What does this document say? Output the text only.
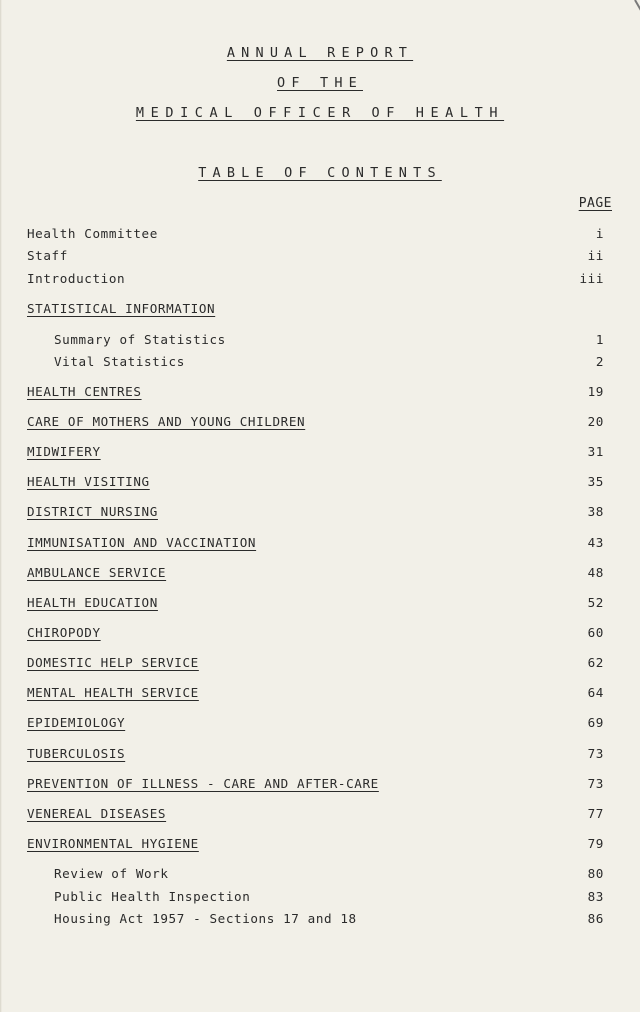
ANNUAL REPORT
OF THE
MEDICAL OFFICER OF HEALTH
TABLE OF CONTENTS
PAGE
Health Committee	i
Staff	ii
Introduction	iii
STATISTICAL INFORMATION
Summary of Statistics	1
Vital Statistics	2
HEALTH CENTRES	19
CARE OF MOTHERS AND YOUNG CHILDREN	20
MIDWIFERY	31
HEALTH VISITING	35
DISTRICT NURSING	38
IMMUNISATION AND VACCINATION	43
AMBULANCE SERVICE	48
HEALTH EDUCATION	52
CHIROPODY	60
DOMESTIC HELP SERVICE	62
MENTAL HEALTH SERVICE	64
EPIDEMIOLOGY	69
TUBERCULOSIS	73
PREVENTION OF ILLNESS - CARE AND AFTER-CARE	73
VENEREAL DISEASES	77
ENVIRONMENTAL HYGIENE	79
Review of Work	80
Public Health Inspection	83
Housing Act 1957 - Sections 17 and 18	86
